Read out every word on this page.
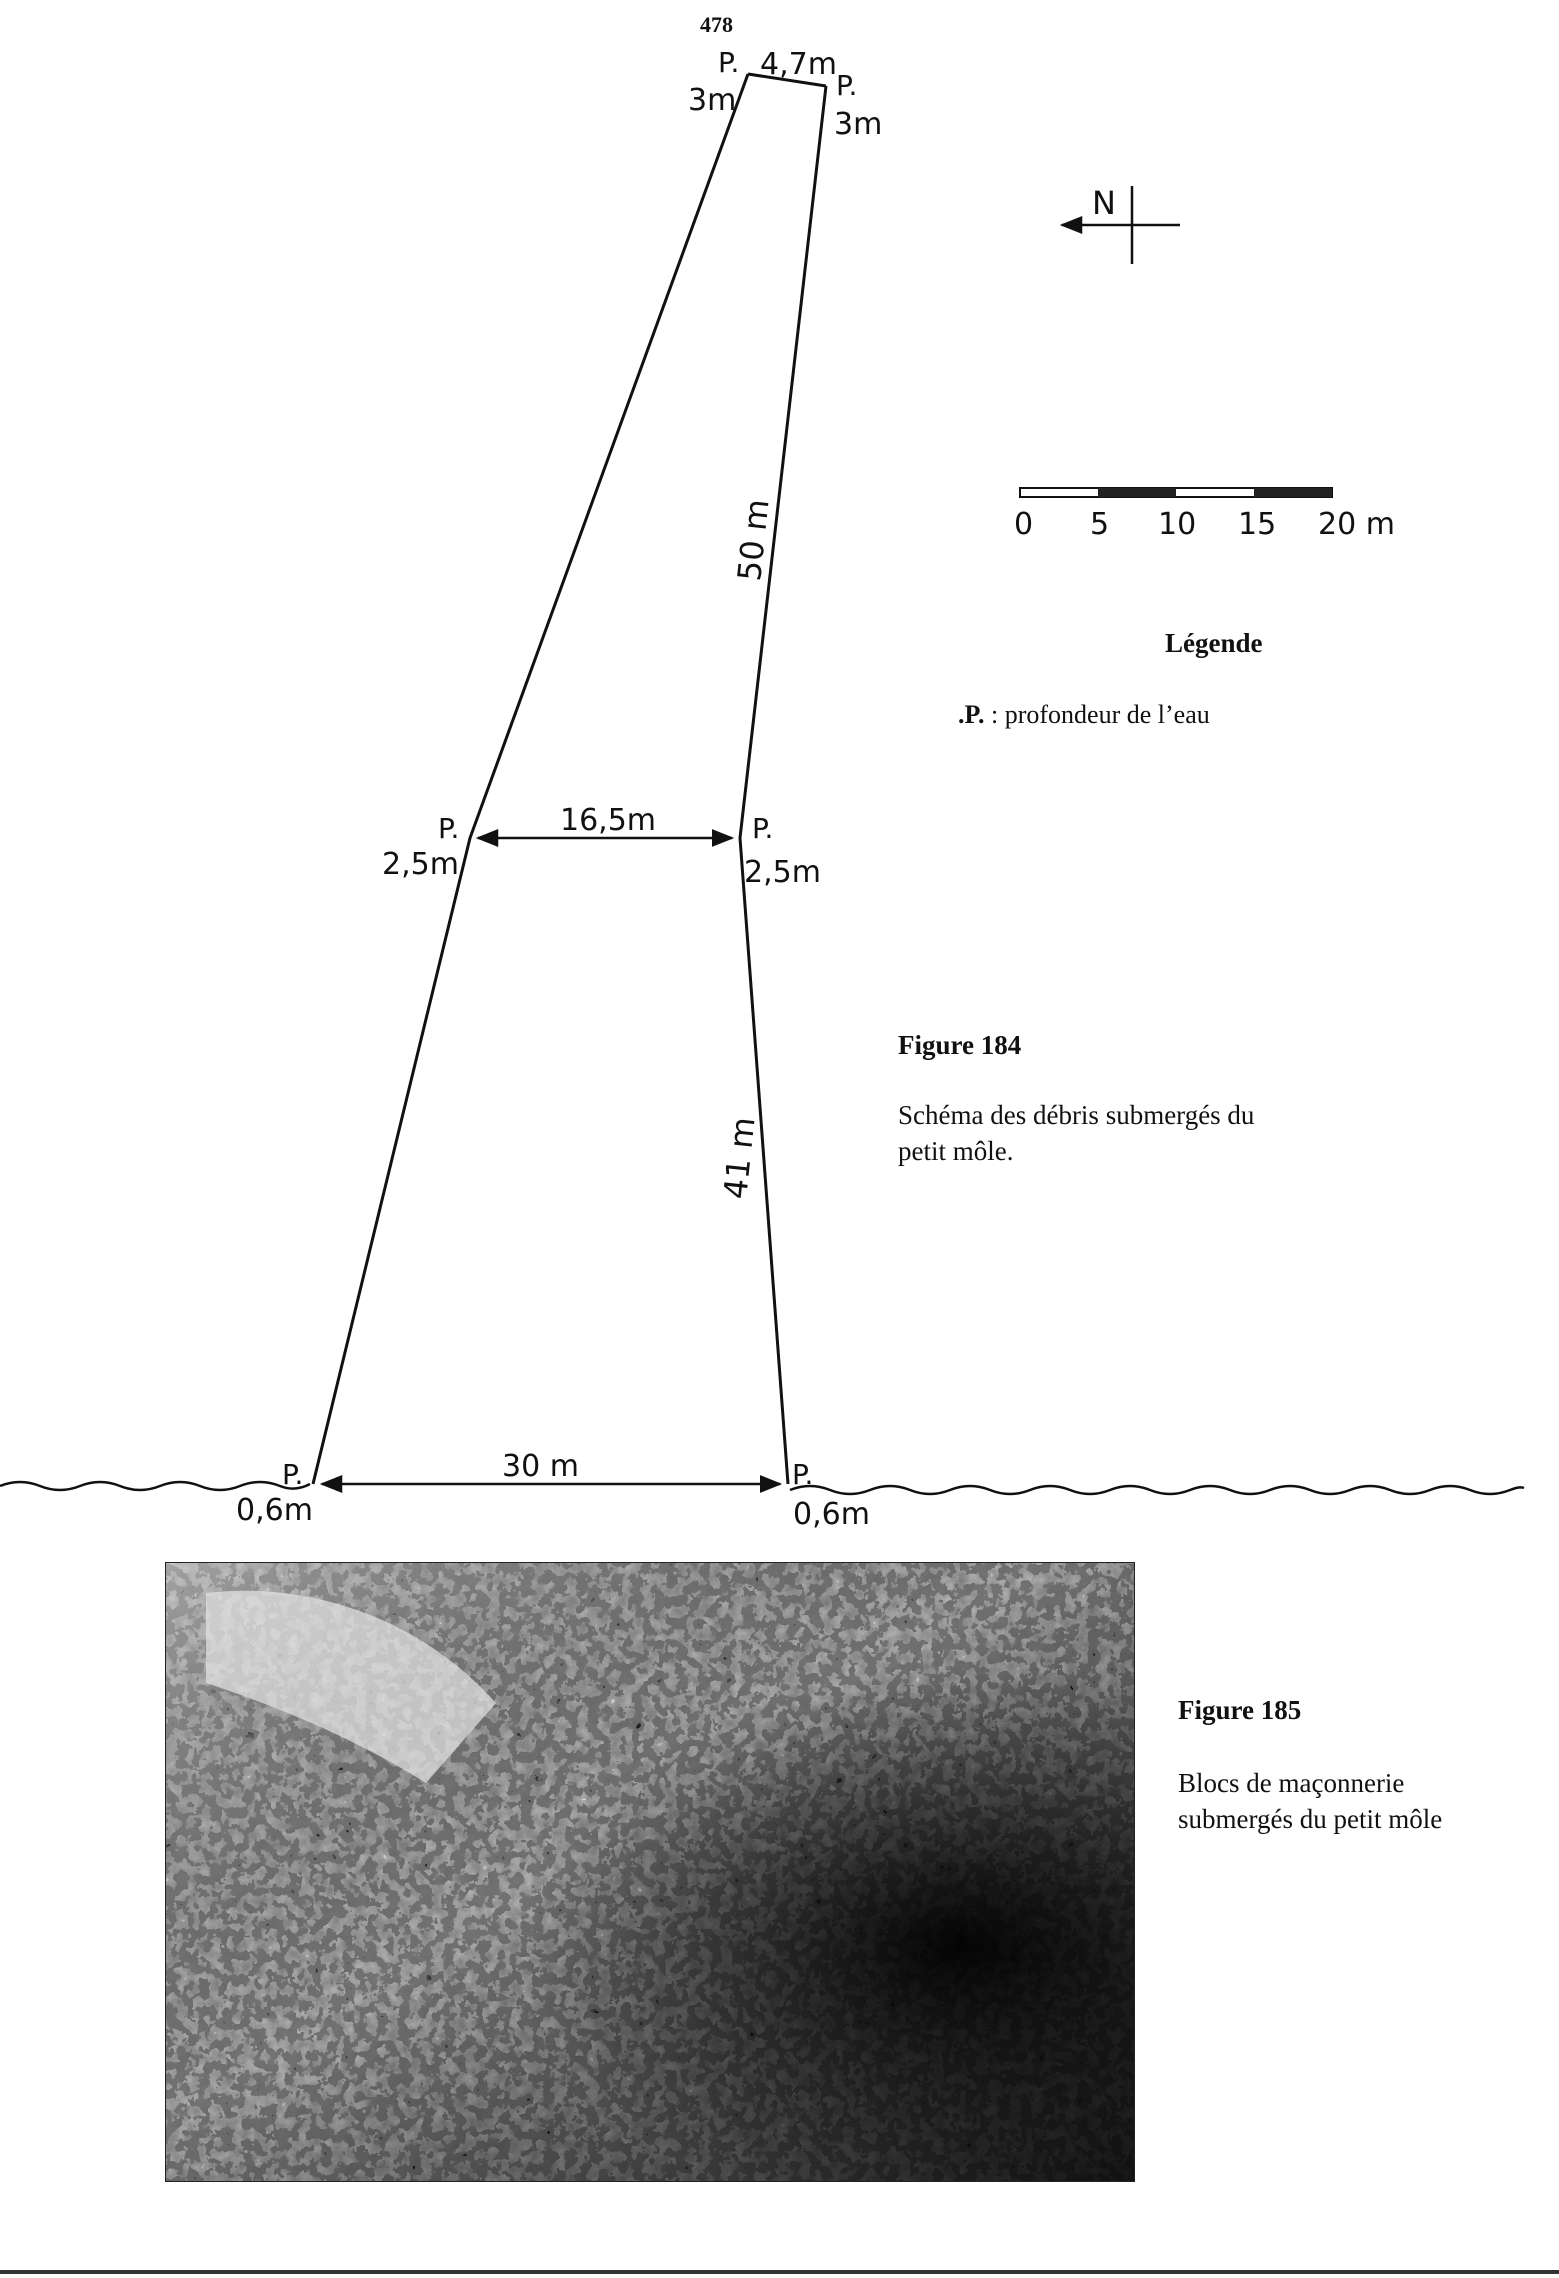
478
4,7m
P.
3m	P.
3m
50 m
16,5m
P.
2,5m
P.
2,5m
41 m
30 m
P.
0,6m
P.
0,6m
N
0 5 10 15 20 m
Légende
.P. : profondeur de l’eau
Figure 184
Schéma des débris submergés du petit môle.
Figure 185
Blocs de maçonnerie submergés du petit môle
